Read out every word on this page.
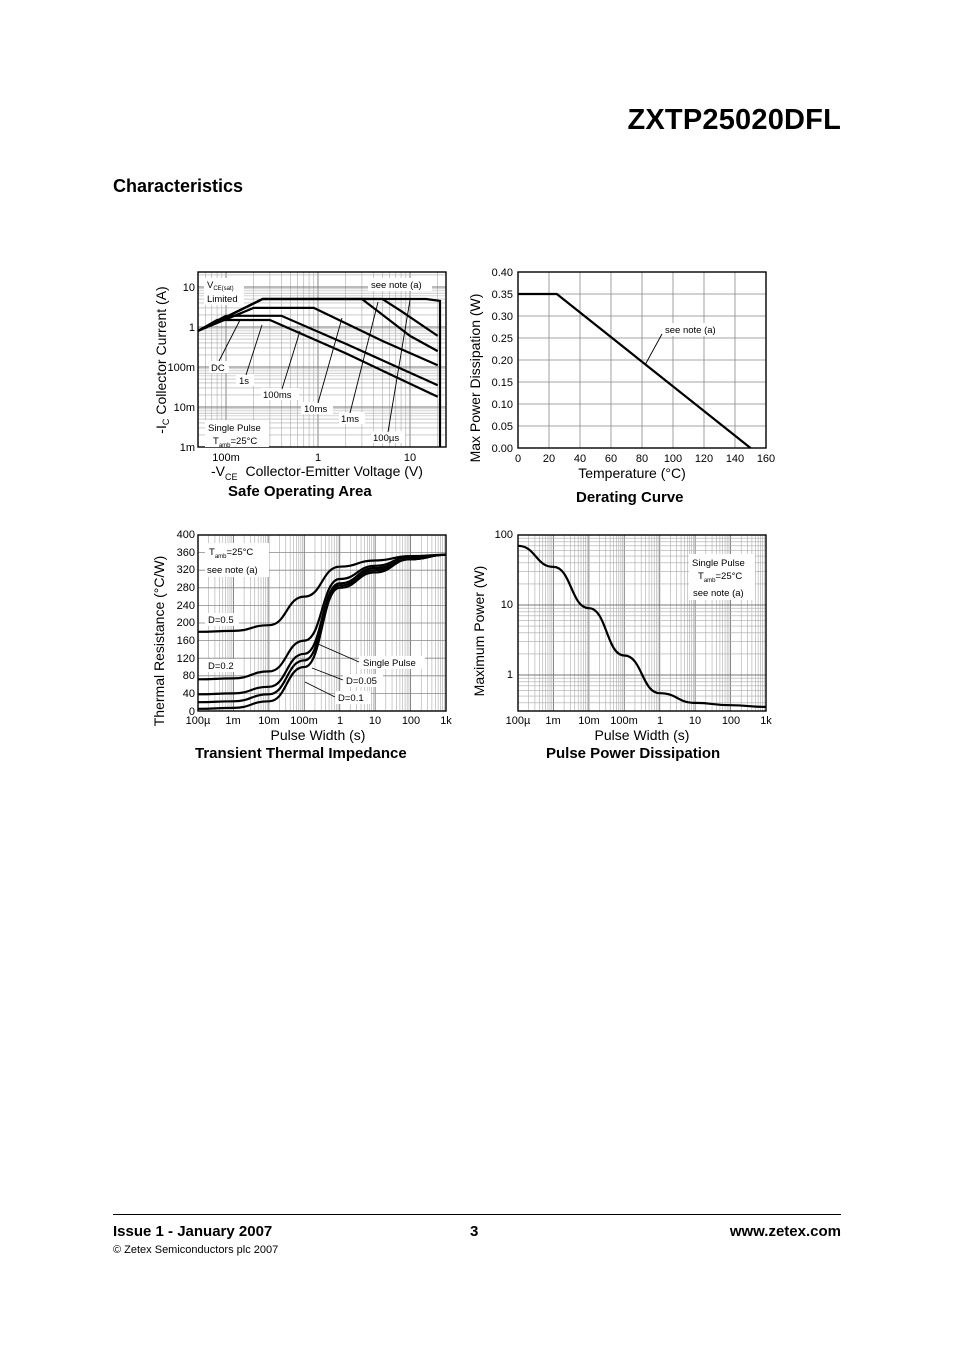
ZXTP25020DFL
Characteristics
10
1
100m
10m
1m
100m	1	10
$-I_CCollector$ Current (A)
$-V_{CE}$ Collector-Emitter Voltage (V)
$V_{CE(sat)}$
Limited
see note (a)
DC
1s
100ms
10ms
1ms
100µs
Single Pulse
$T_{amb}=25^\circ C$
Safe Operating Area
0.40
0.35
0.30
0.25
0.20
0.15
0.10
0.05
0.00
0 20 40 60 80 100 120 140 160
Max Power Dissipation (W)
Temperature (°C)
see note (a)
Derating Curve
400
360
320
280
240
200
160
120
80
40
0
100µ 1m 10m 100m 1 10 100 1k
Thermal Resistance (°C/W)
Pulse Width (s)
$T_{amb}=25^\circ C$
see note (a)
D=0.5
D=0.2	Single Pulse
D=0.05
D=0.1
Transient Thermal Impedance
100
10
1
100µ 1m 10m 100m 1 10 100 1k
Maximum Power (W)
Pulse Width (s)
Single Pulse
$T_{amb}=25^\circ C$
see note (a)
Pulse Power Dissipation
Issue 1 - January 2007	3	www.zetex.com
© Zetex Semiconductors plc 2007
